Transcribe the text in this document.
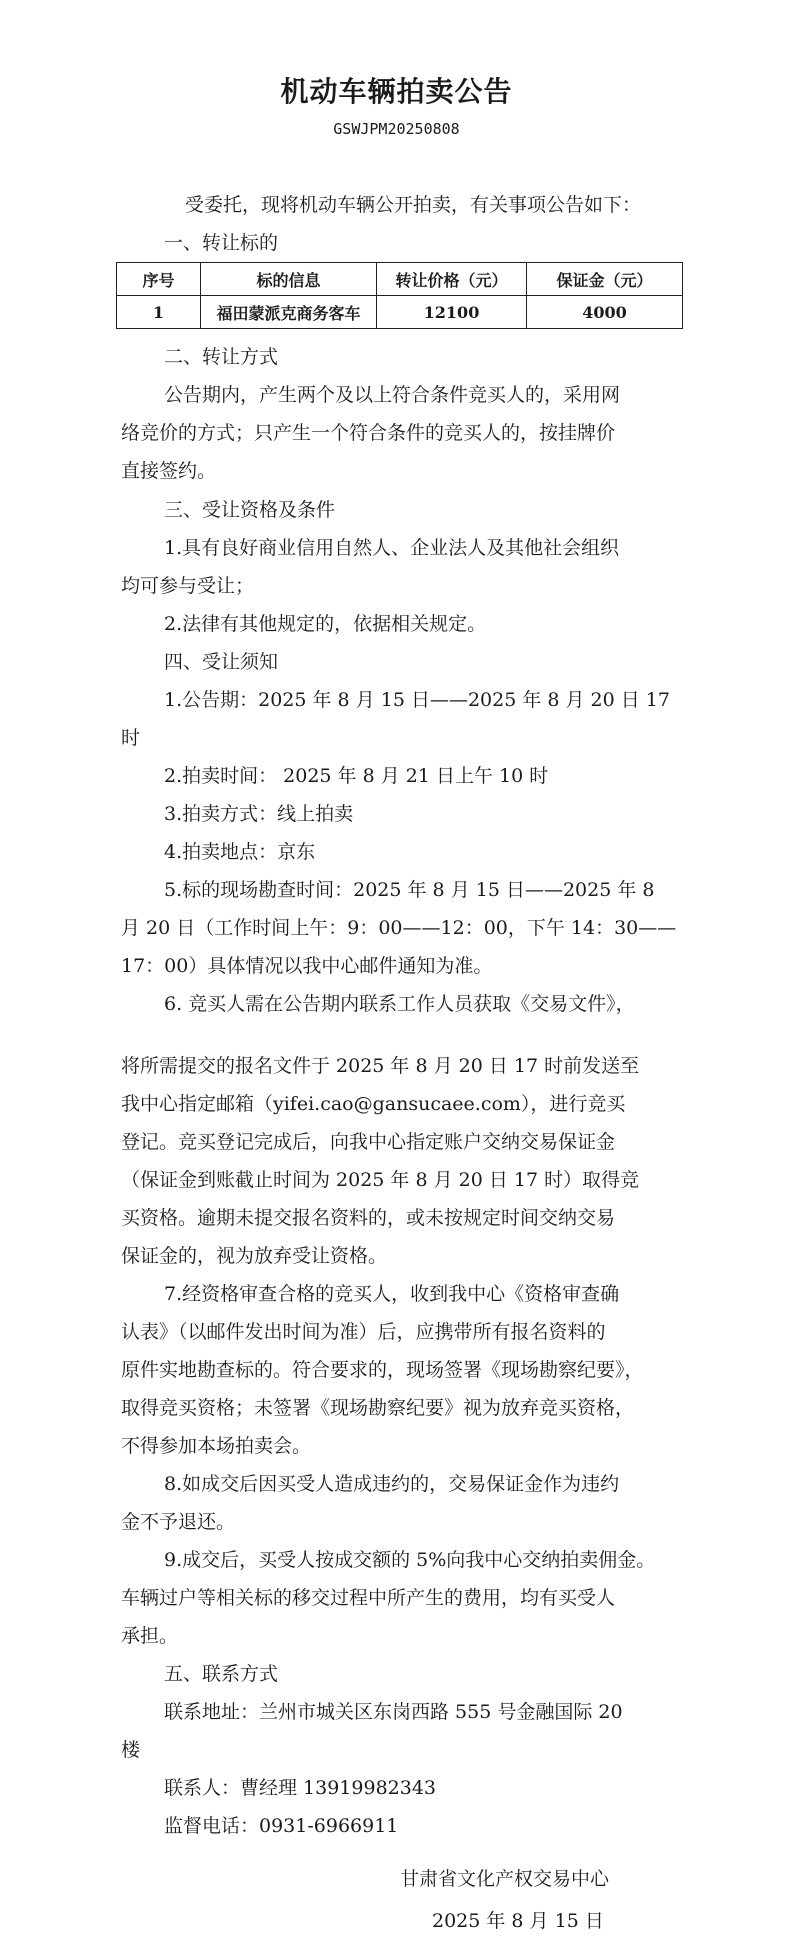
机动车辆拍卖公告
GSWJPM20250808
受委托，现将机动车辆公开拍卖，有关事项公告如下：
一、转让标的
序号	标的信息	转让价格（元）	保证金（元）
1	福田蒙派克商务客车	12100	4000
二、转让方式
公告期内，产生两个及以上符合条件竞买人的，采用网
络竞价的方式；只产生一个符合条件的竞买人的，按挂牌价
直接签约。
三、受让资格及条件
1.具有良好商业信用自然人、企业法人及其他社会组织
均可参与受让；
2.法律有其他规定的，依据相关规定。
四、受让须知
1.公告期：2025 年 8 月 15 日——2025 年 8 月 20 日 17
时
2.拍卖时间： 2025 年 8 月 21 日上午 10 时
3.拍卖方式：线上拍卖
4.拍卖地点：京东
5.标的现场勘查时间：2025 年 8 月 15 日——2025 年 8
月 20 日（工作时间上午：9：00——12：00，下午 14：30——
17：00）具体情况以我中心邮件通知为准。
6. 竞买人需在公告期内联系工作人员获取《交易文件》，
将所需提交的报名文件于 2025 年 8 月 20 日 17 时前发送至
我中心指定邮箱（yifei.cao@gansucaee.com），进行竞买
登记。竞买登记完成后，向我中心指定账户交纳交易保证金
（保证金到账截止时间为 2025 年 8 月 20 日 17 时）取得竞
买资格。逾期未提交报名资料的，或未按规定时间交纳交易
保证金的，视为放弃受让资格。
7.经资格审查合格的竞买人，收到我中心《资格审查确
认表》（以邮件发出时间为准）后，应携带所有报名资料的
原件实地勘查标的。符合要求的，现场签署《现场勘察纪要》，
取得竞买资格；未签署《现场勘察纪要》视为放弃竞买资格，
不得参加本场拍卖会。
8.如成交后因买受人造成违约的，交易保证金作为违约
金不予退还。
9.成交后，买受人按成交额的 5%向我中心交纳拍卖佣金。
车辆过户等相关标的移交过程中所产生的费用，均有买受人
承担。
五、联系方式
联系地址：兰州市城关区东岗西路 555 号金融国际 20
楼
联系人：曹经理 13919982343
监督电话：0931-6966911
甘肃省文化产权交易中心
2025 年 8 月 15 日
